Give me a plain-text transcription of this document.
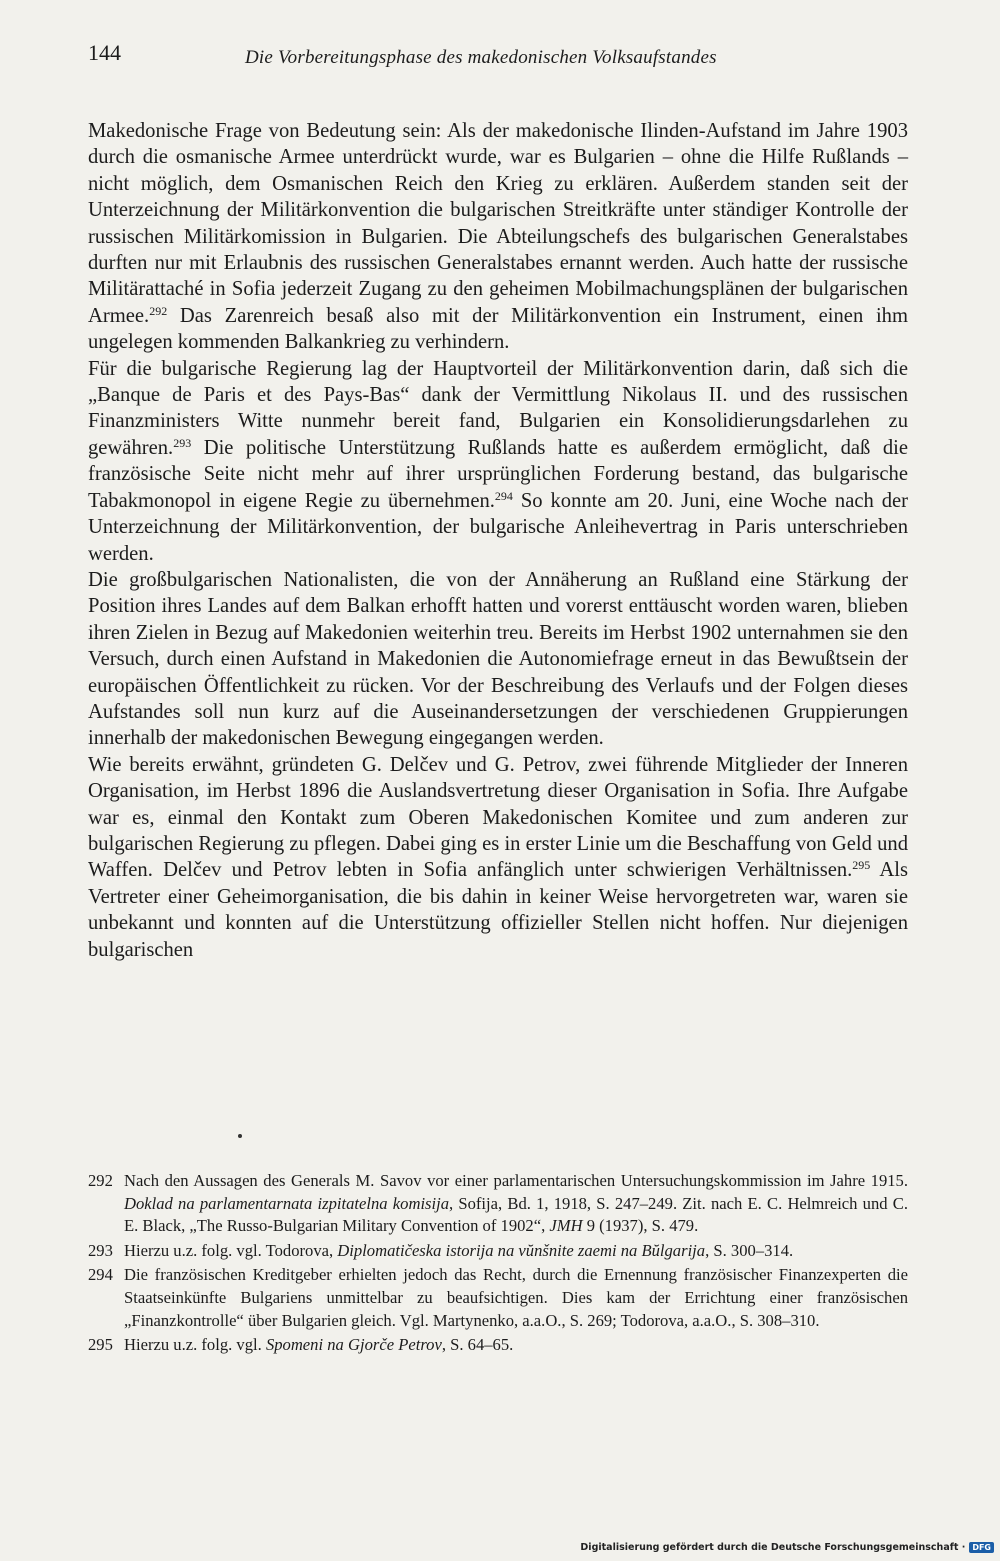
144	Die Vorbereitungsphase des makedonischen Volksaufstandes

Makedonische Frage von Bedeutung sein: Als der makedonische Ilinden-Aufstand im Jahre 1903 durch die osmanische Armee unterdrückt wurde, war es Bulgarien – ohne die Hilfe Rußlands – nicht möglich, dem Osmanischen Reich den Krieg zu erklären. Außerdem standen seit der Unterzeichnung der Militärkonvention die bulgarischen Streitkräfte unter ständiger Kontrolle der russischen Militärkomission in Bulgarien. Die Abteilungschefs des bulgarischen Generalstabes durften nur mit Erlaubnis des russischen Generalstabes ernannt werden. Auch hatte der russische Militärattaché in Sofia jederzeit Zugang zu den geheimen Mobilmachungsplänen der bulgarischen Armee.$^{292}$ Das Zarenreich besaß also mit der Militärkonvention ein Instrument, einen ihm ungelegen kommenden Balkankrieg zu verhindern.

Für die bulgarische Regierung lag der Hauptvorteil der Militärkonvention darin, daß sich die „Banque de Paris et des Pays-Bas“ dank der Vermittlung Nikolaus II. und des russischen Finanzministers Witte nunmehr bereit fand, Bulgarien ein Konsolidierungsdarlehen zu gewähren.$^{293}$ Die politische Unterstützung Rußlands hatte es außerdem ermöglicht, daß die französische Seite nicht mehr auf ihrer ursprünglichen Forderung bestand, das bulgarische Tabakmonopol in eigene Regie zu übernehmen.$^{294}$ So konnte am 20. Juni, eine Woche nach der Unterzeichnung der Militärkonvention, der bulgarische Anleihevertrag in Paris unterschrieben werden.

Die großbulgarischen Nationalisten, die von der Annäherung an Rußland eine Stärkung der Position ihres Landes auf dem Balkan erhofft hatten und vorerst enttäuscht worden waren, blieben ihren Zielen in Bezug auf Makedonien weiterhin treu. Bereits im Herbst 1902 unternahmen sie den Versuch, durch einen Aufstand in Makedonien die Autonomiefrage erneut in das Bewußtsein der europäischen Öffentlichkeit zu rücken. Vor der Beschreibung des Verlaufs und der Folgen dieses Aufstandes soll nun kurz auf die Auseinandersetzungen der verschiedenen Gruppierungen innerhalb der makedonischen Bewegung eingegangen werden.

Wie bereits erwähnt, gründeten G. Delčev und G. Petrov, zwei führende Mitglieder der Inneren Organisation, im Herbst 1896 die Auslandsvertretung dieser Organisation in Sofia. Ihre Aufgabe war es, einmal den Kontakt zum Oberen Makedonischen Komitee und zum anderen zur bulgarischen Regierung zu pflegen. Dabei ging es in erster Linie um die Beschaffung von Geld und Waffen. Delčev und Petrov lebten in Sofia anfänglich unter schwierigen Verhältnissen.$^{295}$ Als Vertreter einer Geheimorganisation, die bis dahin in keiner Weise hervorgetreten war, waren sie unbekannt und konnten auf die Unterstützung offizieller Stellen nicht hoffen. Nur diejenigen bulgarischen

292 Nach den Aussagen des Generals M. Savov vor einer parlamentarischen Untersuchungskommission im Jahre 1915. Doklad na parlamentarnata izpitatelna komisija, Sofija, Bd. 1, 1918, S. 247–249. Zit. nach E. C. Helmreich und C. E. Black, „The Russo-Bulgarian Military Convention of 1902“, JMH 9 (1937), S. 479.
293 Hierzu u.z. folg. vgl. Todorova, Diplomatičeska istorija na vŭnšnite zaemi na Bŭlgarija, S. 300–314.
294 Die französischen Kreditgeber erhielten jedoch das Recht, durch die Ernennung französischer Finanzexperten die Staatseinkünfte Bulgariens unmittelbar zu beaufsichtigen. Dies kam der Errichtung einer französischen „Finanzkontrolle“ über Bulgarien gleich. Vgl. Martynenko, a.a.O., S. 269; Todorova, a.a.O., S. 308–310.
295 Hierzu u.z. folg. vgl. Spomeni na Gjorče Petrov, S. 64–65.
Digitalisierung gefördert durch die Deutsche Forschungsgemeinschaft · DFG
